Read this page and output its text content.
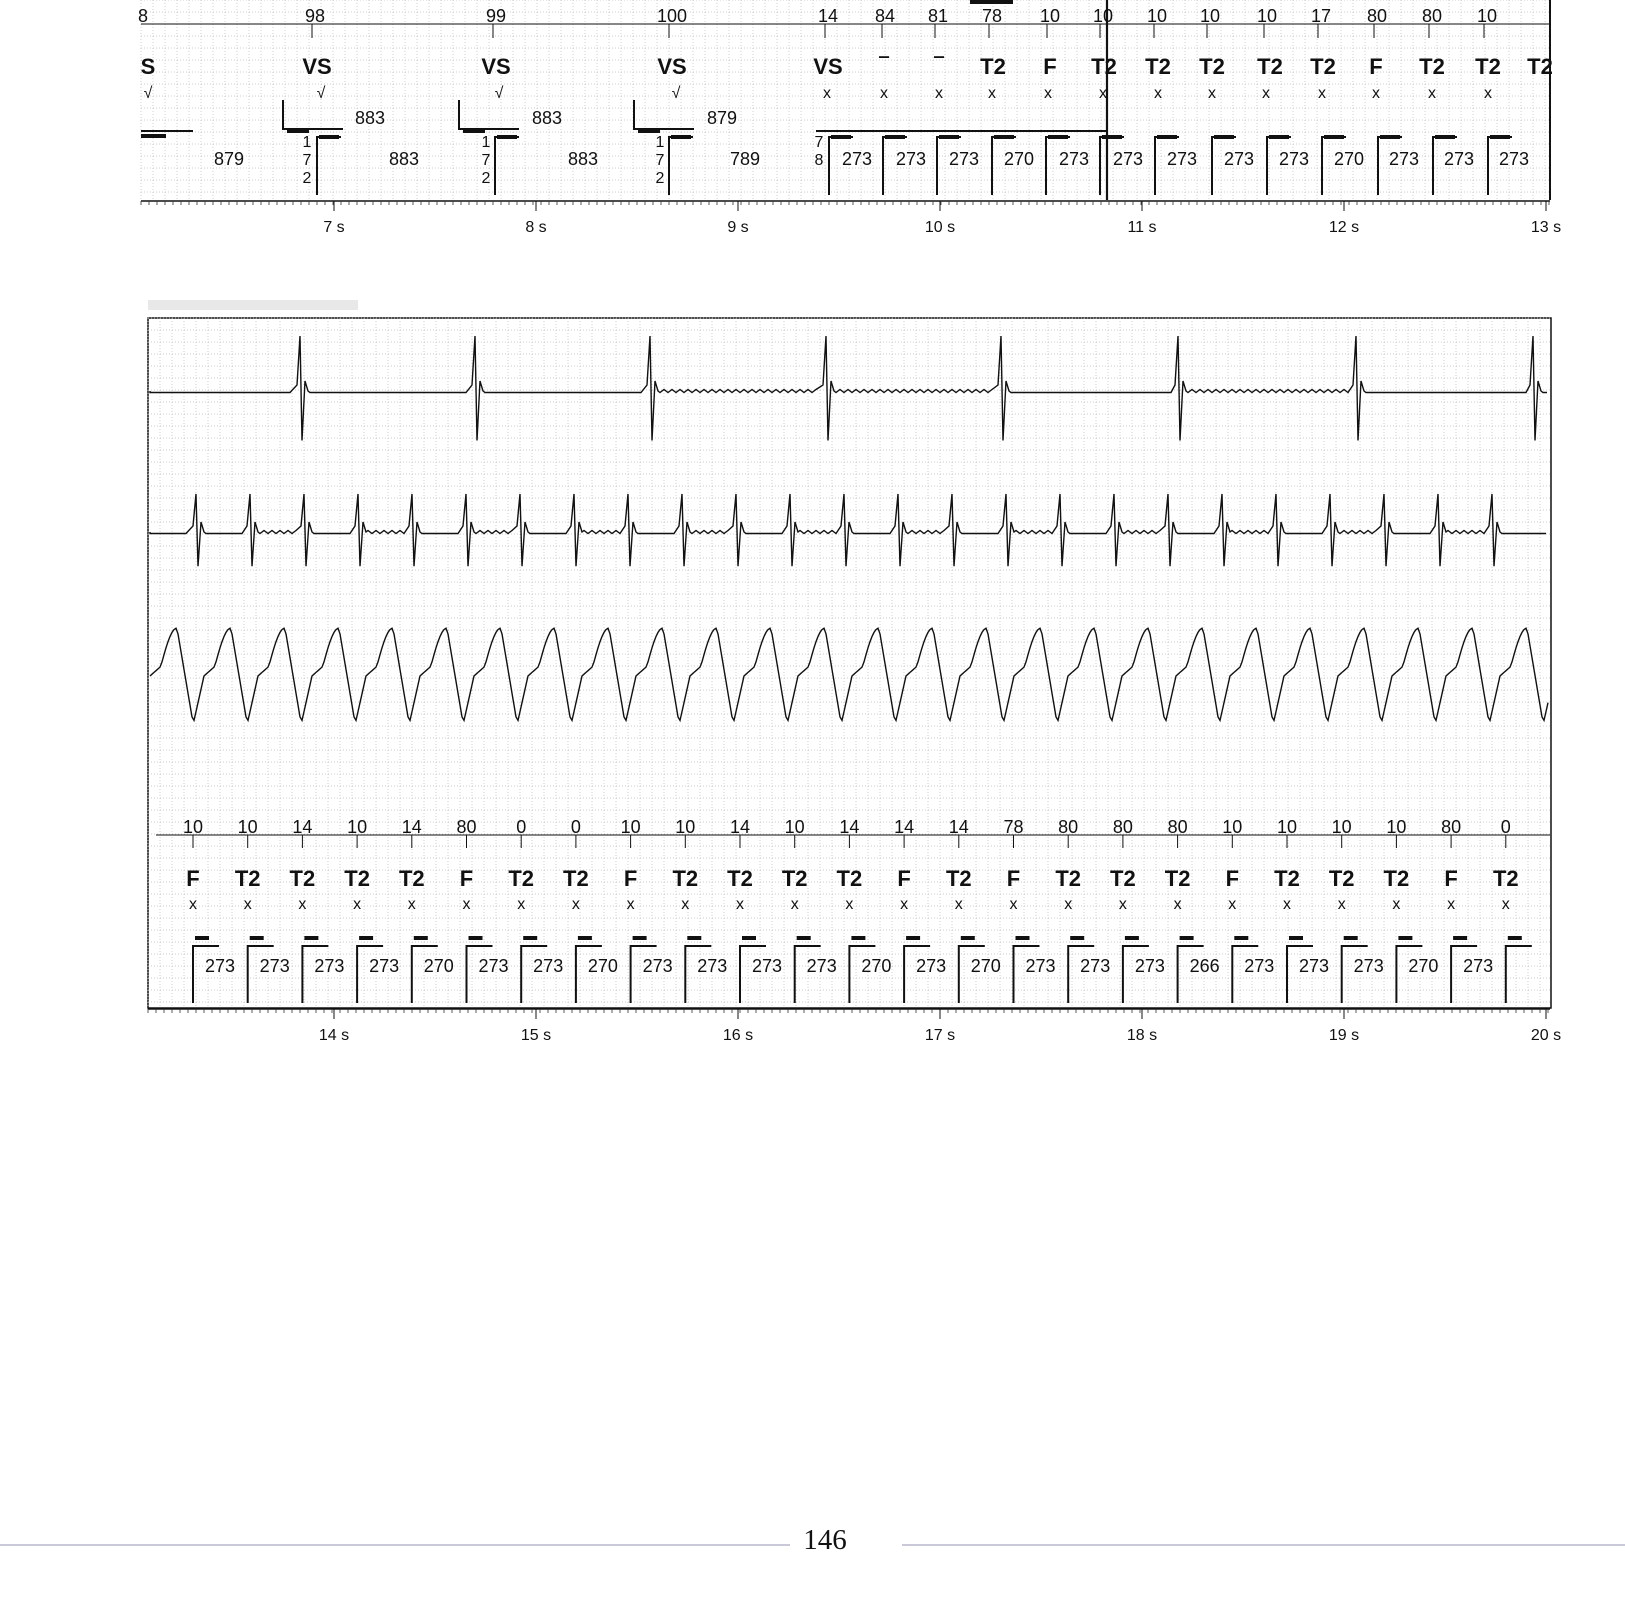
8	98	99	100	14 84 81 78 10 10 10 10 10 17 80 80 10
S	VS	VS	VS	VS ‾ ‾ T2 F T2 T2 T2 T2 T2 F T2 T2 T2
√	√	√	√	x	x	x	x	x	x	x	x	x	x	x	x	x
883	883	879
879	883	883	789	273 273 273 270 273 273 273 273 273 270 273 273 273
1
7
2
1
7
2
1
7
2
7
8
7 s	8 s	9 s	10 s	11 s	12 s	13 s
10 10 14 10 14 80 0 0 10 10 14 10 14 14 14 78 80 80 80 10 10 10 10 80 0
F T2 T2 T2 T2 F T2 T2 F T2 T2 T2 T2 F T2 F T2 T2 T2 F T2 T2 T2 F T2
x	x	x	x	x	x	x	x	x	x	x	x	x	x	x	x	x	x	x	x	x	x	x	x	x
273 273 273 273 270 273 273 270 273 273 273 273 270 273 270 273 273 273 266 273 273 273 270 273
14 s	15 s	16 s	17 s	18 s	19 s	20 s
146
